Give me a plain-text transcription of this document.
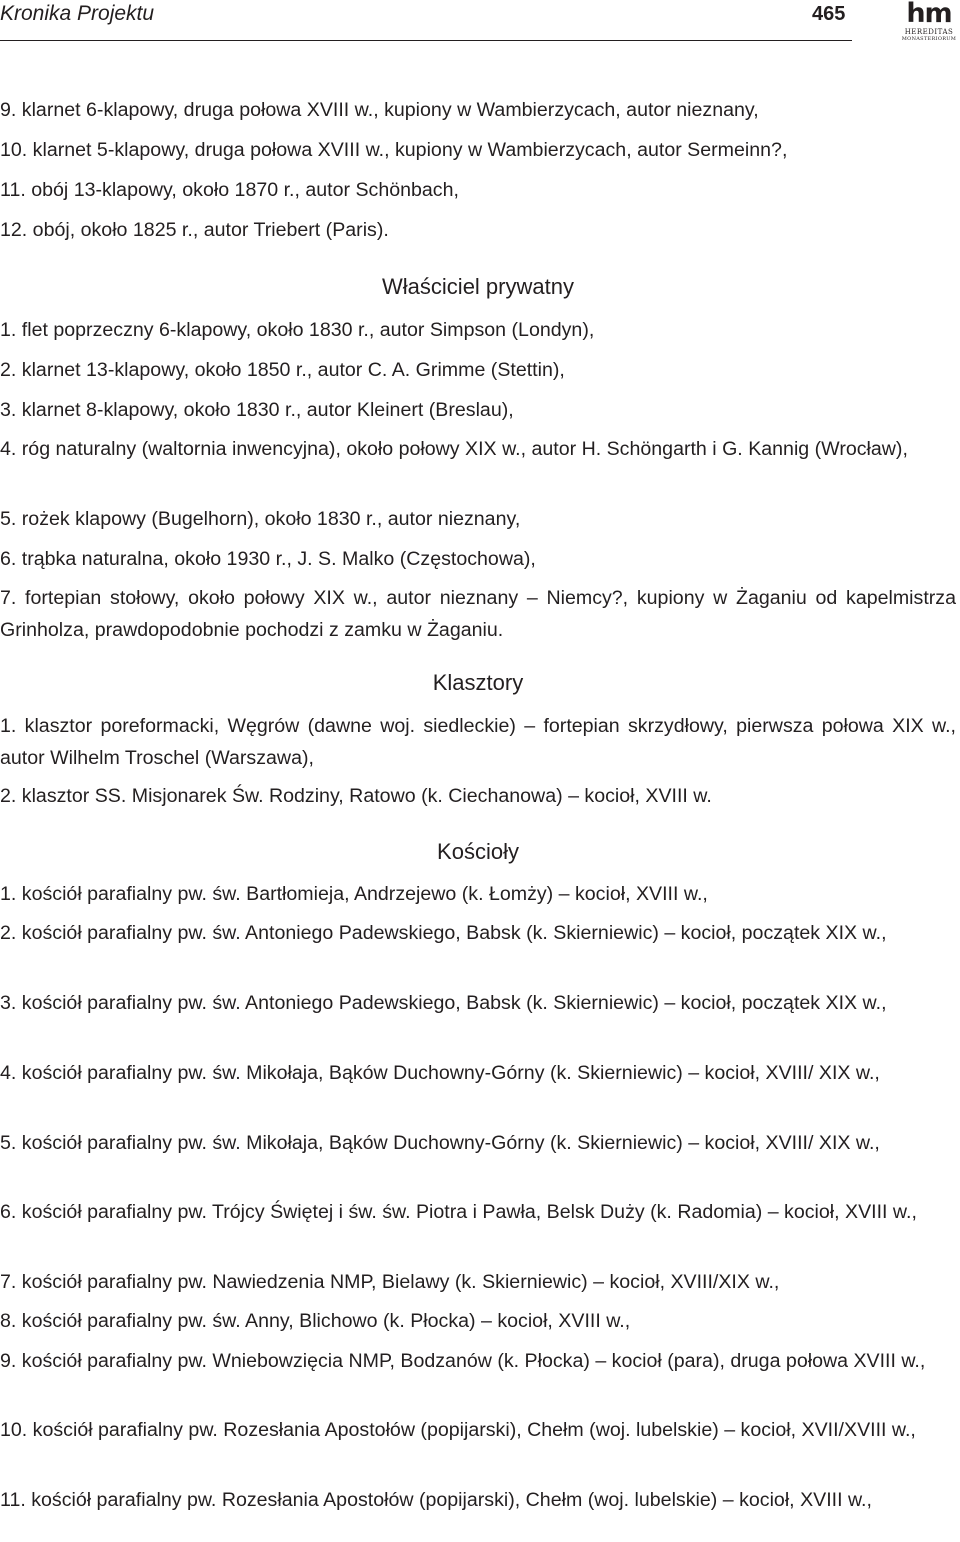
Kronika Projektu	465 hm
HEREDITAS
MONASTERIORUM

9. klarnet 6-klapowy, druga połowa XVIII w., kupiony w Wambierzycach, autor nieznany,

10. klarnet 5-klapowy, druga połowa XVIII w., kupiony w Wambierzycach, autor Sermeinn?,

11. obój 13-klapowy, około 1870 r., autor Schönbach,

12. obój, około 1825 r., autor Triebert (Paris).

Właściciel prywatny

1. flet poprzeczny 6-klapowy, około 1830 r., autor Simpson (Londyn),

2. klarnet 13-klapowy, około 1850 r., autor C. A. Grimme (Stettin),

3. klarnet 8-klapowy, około 1830 r., autor Kleinert (Breslau),

4. róg naturalny (waltornia inwencyjna), około połowy XIX w., autor H. Schöngarth i G. Kannig (Wrocław),

5. rożek klapowy (Bugelhorn), około 1830 r., autor nieznany,

6. trąbka naturalna, około 1930 r., J. S. Malko (Częstochowa),

7. fortepian stołowy, około połowy XIX w., autor nieznany – Niemcy?, kupiony w Żaganiu od kapelmistrza Grinholza, prawdopodobnie pochodzi z zamku w Żaganiu.

Klasztory

1. klasztor poreformacki, Węgrów (dawne woj. siedleckie) – fortepian skrzydłowy, pierwsza połowa XIX w., autor Wilhelm Troschel (Warszawa),

2. klasztor SS. Misjonarek Św. Rodziny, Ratowo (k. Ciechanowa) – kocioł, XVIII w.

Kościoły

1. kościół parafialny pw. św. Bartłomieja, Andrzejewo (k. Łomży) – kocioł, XVIII w.,

2. kościół parafialny pw. św. Antoniego Padewskiego, Babsk (k. Skierniewic) – kocioł, początek XIX w.,

3. kościół parafialny pw. św. Antoniego Padewskiego, Babsk (k. Skierniewic) – kocioł, początek XIX w.,

4. kościół parafialny pw. św. Mikołaja, Bąków Duchowny-Górny (k. Skierniewic) – kocioł, XVIII/ XIX w.,

5. kościół parafialny pw. św. Mikołaja, Bąków Duchowny-Górny (k. Skierniewic) – kocioł, XVIII/ XIX w.,

6. kościół parafialny pw. Trójcy Świętej i św. św. Piotra i Pawła, Belsk Duży (k. Radomia) – kocioł, XVIII w.,

7. kościół parafialny pw. Nawiedzenia NMP, Bielawy (k. Skierniewic) – kocioł, XVIII/XIX w.,

8. kościół parafialny pw. św. Anny, Blichowo (k. Płocka) – kocioł, XVIII w.,

9. kościół parafialny pw. Wniebowzięcia NMP, Bodzanów (k. Płocka) – kocioł (para), druga połowa XVIII w.,

10. kościół parafialny pw. Rozesłania Apostołów (popijarski), Chełm (woj. lubelskie) – kocioł, XVII/XVIII w.,

11. kościół parafialny pw. Rozesłania Apostołów (popijarski), Chełm (woj. lubelskie) – kocioł, XVIII w.,
